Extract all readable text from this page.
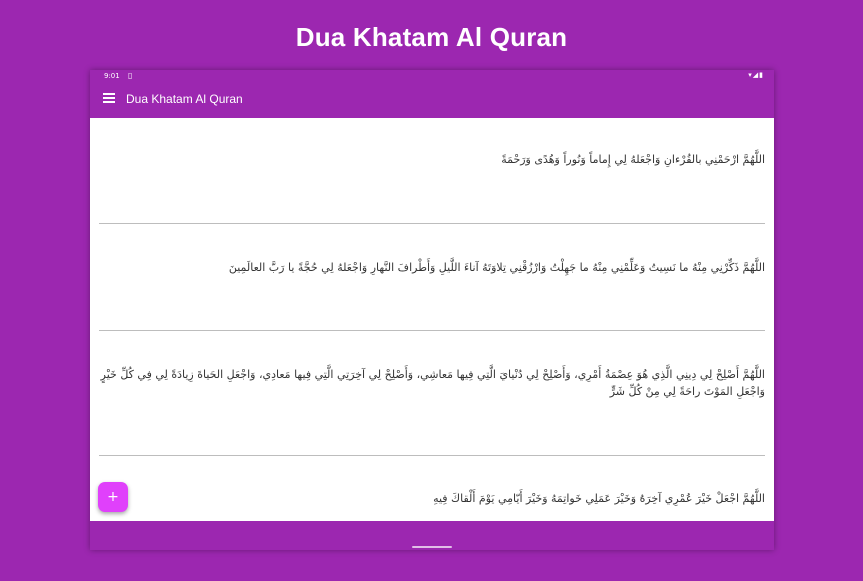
Dua Khatam Al Quran
9:01 ▯	▾◢▮
Dua Khatam Al Quran
اللَّهُمَّ ارْحَمْنِي بالقُرْءانِ وَاجْعَلهُ لِي إِماماً وَنُوراً وَهُدًى وَرَحْمَةً
اللَّهُمَّ ذَكِّرْنِي مِنْهُ ما نَسِيتُ وَعَلِّمْنِي مِنْهُ ما جَهِلْتُ وَارْزُقْنِي تِلاوَتَهُ آناءَ اللَّيلِ وَأَطْرافَ النَّهارِ وَاجْعَلهُ لِي حُجَّةً يا رَبَّ العالَمِينَ
اللَّهُمَّ أَصْلِحْ لِي دِينِي الَّذِي هُوَ عِصْمَةُ أَمْرِي، وَأَصْلِحْ لِي دُنْيايَ الَّتِي فِيها مَعاشِي، وَأَصْلِحْ لِي آخِرَتِي الَّتِي فِيها مَعادِي، وَاجْعَلِ الحَياةَ زِيادَةً لِي فِي كُلِّ خَيْرٍ وَاجْعَلِ المَوْتَ راحَةً لِي مِنْ كُلِّ شَرٍّ
اللَّهُمَّ اجْعَلْ خَيْرَ عُمْرِي آخِرَهُ وَخَيْرَ عَمَلِي خَواتِمَهُ وَخَيْرَ أَيّامِي يَوْمَ أَلْقاكَ فِيهِ
+
